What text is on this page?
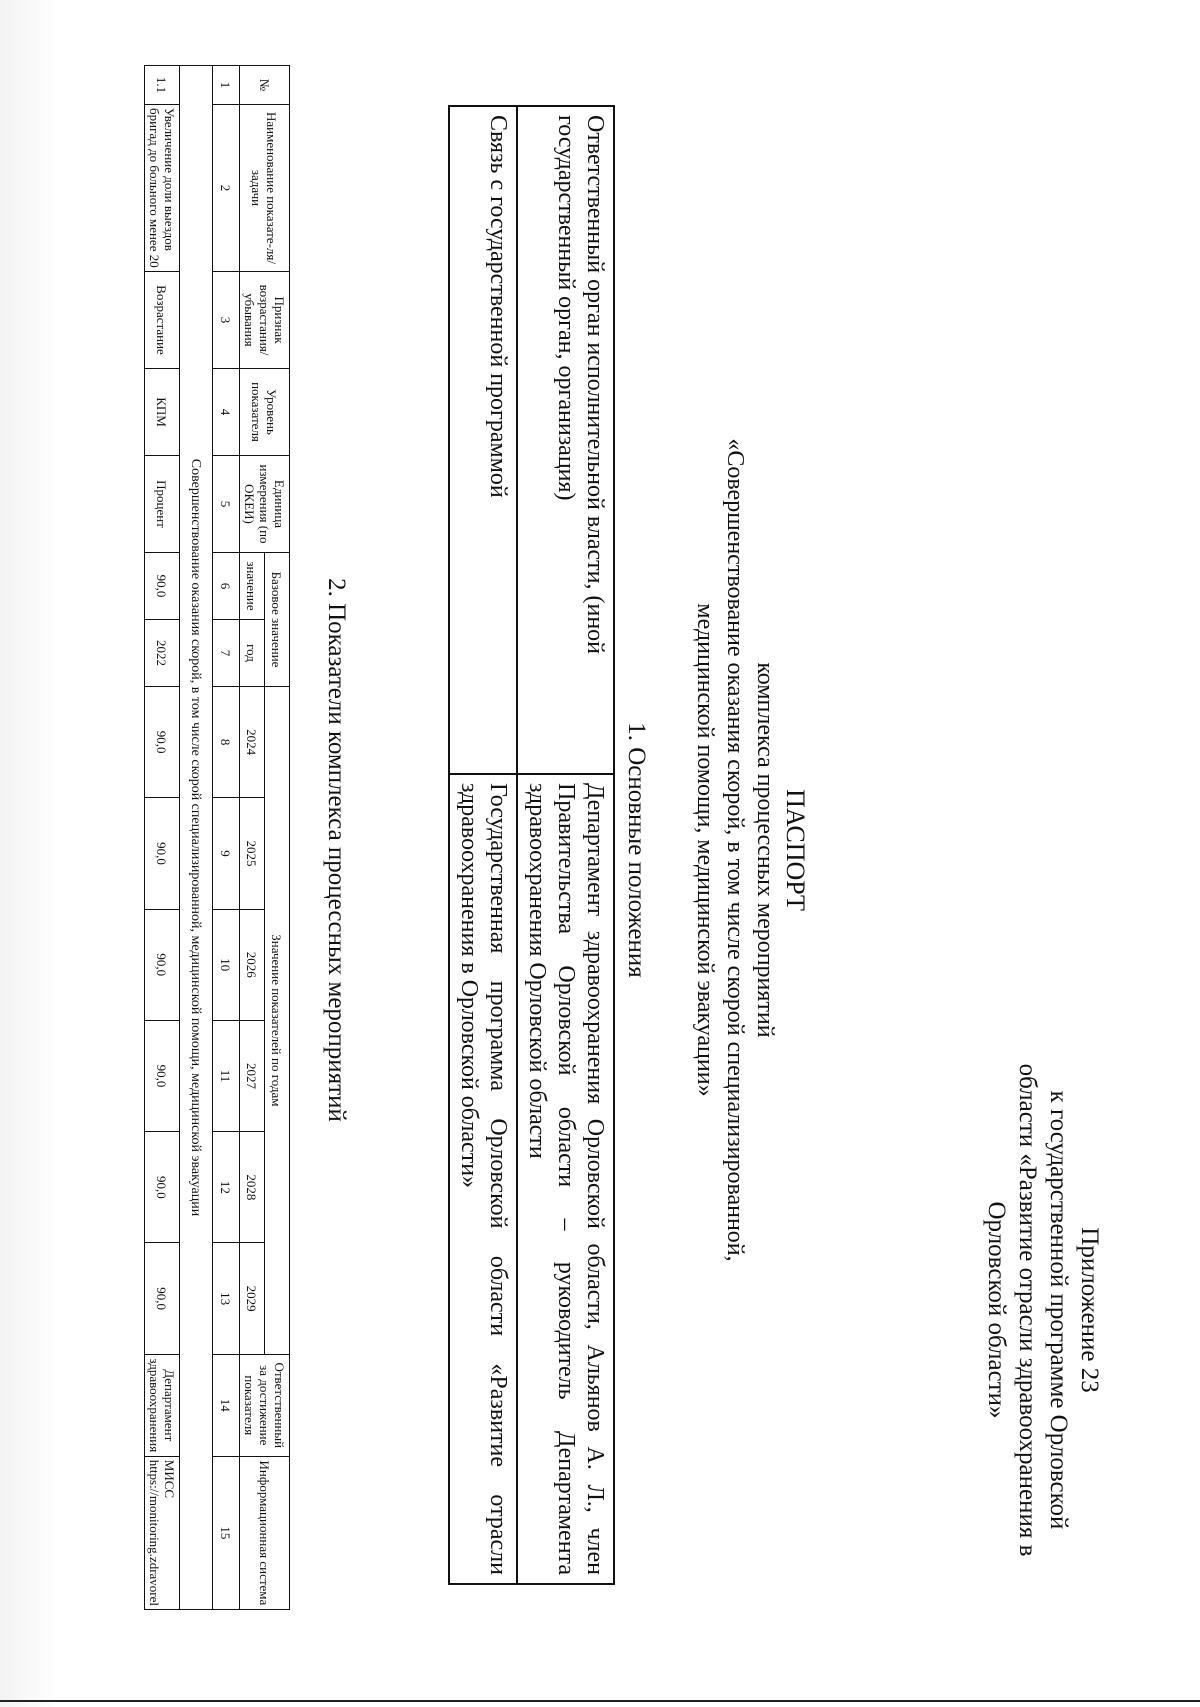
Приложение 23
к государственной программе Орловской
области «Развитие отрасли здравоохранения в
Орловской области»
ПАСПОРТ
комплекса процессных мероприятий
«Совершенствование оказания скорой, в том числе скорой специализированной,
медицинской помощи, медицинской эвакуации»
1. Основные положения
Ответственный орган исполнительной власти, (иной государственный орган, организация)	Департамент здравоохранения Орловской области, Альянов А. Л., член Правительства Орловской области – руководитель Департамента здравоохранения Орловской области
Связь с государственной программой	Государственная программа Орловской области «Развитие отрасли здравоохранения в Орловской области»
2. Показатели комплекса процессных мероприятий
№	Наименование показате-ля/задачи	Признак возрастания/ убывания	Уровень показателя	Единица измерения (по ОКЕИ)	Базовое значение		Значение показателей по годам						Ответственный за достижение показателя	Информационная система
					значение	год	2024	2025	2026	2027	2028	2029		
1	2	3	4	5	6	7	8	9	10	11	12	13	14	15
Совершенствование оказания скорой, в том числе скорой специализированной, медицинской помощи, медицинской эвакуации														
1.1	Увеличение доли выездов бригад до больного менее 20	Возрастание	КПМ	Процент	90,0	2022	90,0	90,0	90,0	90,0	90,0	90,0	Департамент здравоохранения	МИСС https://monitoring.zdravorel
